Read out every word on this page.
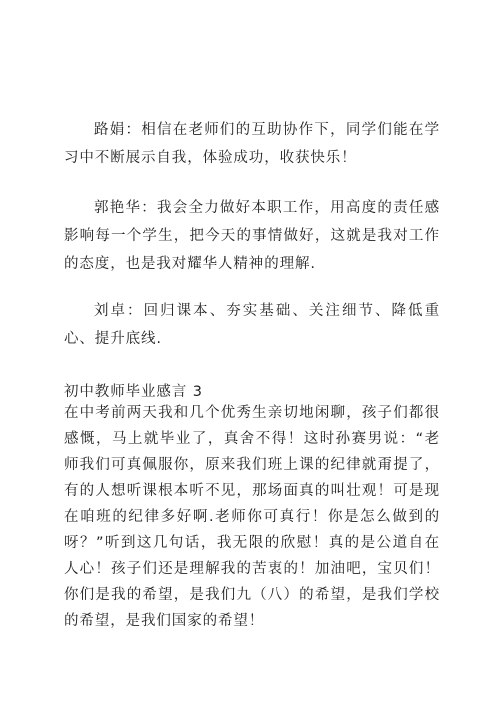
路娟：相信在老师们的互助协作下，同学们能在学习中不断展示自我，体验成功，收获快乐！

郭艳华：我会全力做好本职工作，用高度的责任感影响每一个学生，把今天的事情做好，这就是我对工作的态度，也是我对耀华人精神的理解.

刘卓：回归课本、夯实基础、关注细节、降低重心、提升底线.

初中教师毕业感言 3

在中考前两天我和几个优秀生亲切地闲聊，孩子们都很感慨，马上就毕业了，真舍不得！这时孙赛男说：“老师我们可真佩服你，原来我们班上课的纪律就甭提了，有的人想听课根本听不见，那场面真的叫壮观！可是现在咱班的纪律多好啊.老师你可真行！你是怎么做到的呀？”听到这几句话，我无限的欣慰！真的是公道自在人心！孩子们还是理解我的苦衷的！加油吧，宝贝们！你们是我的希望，是我们九（八）的希望，是我们学校的希望，是我们国家的希望！
